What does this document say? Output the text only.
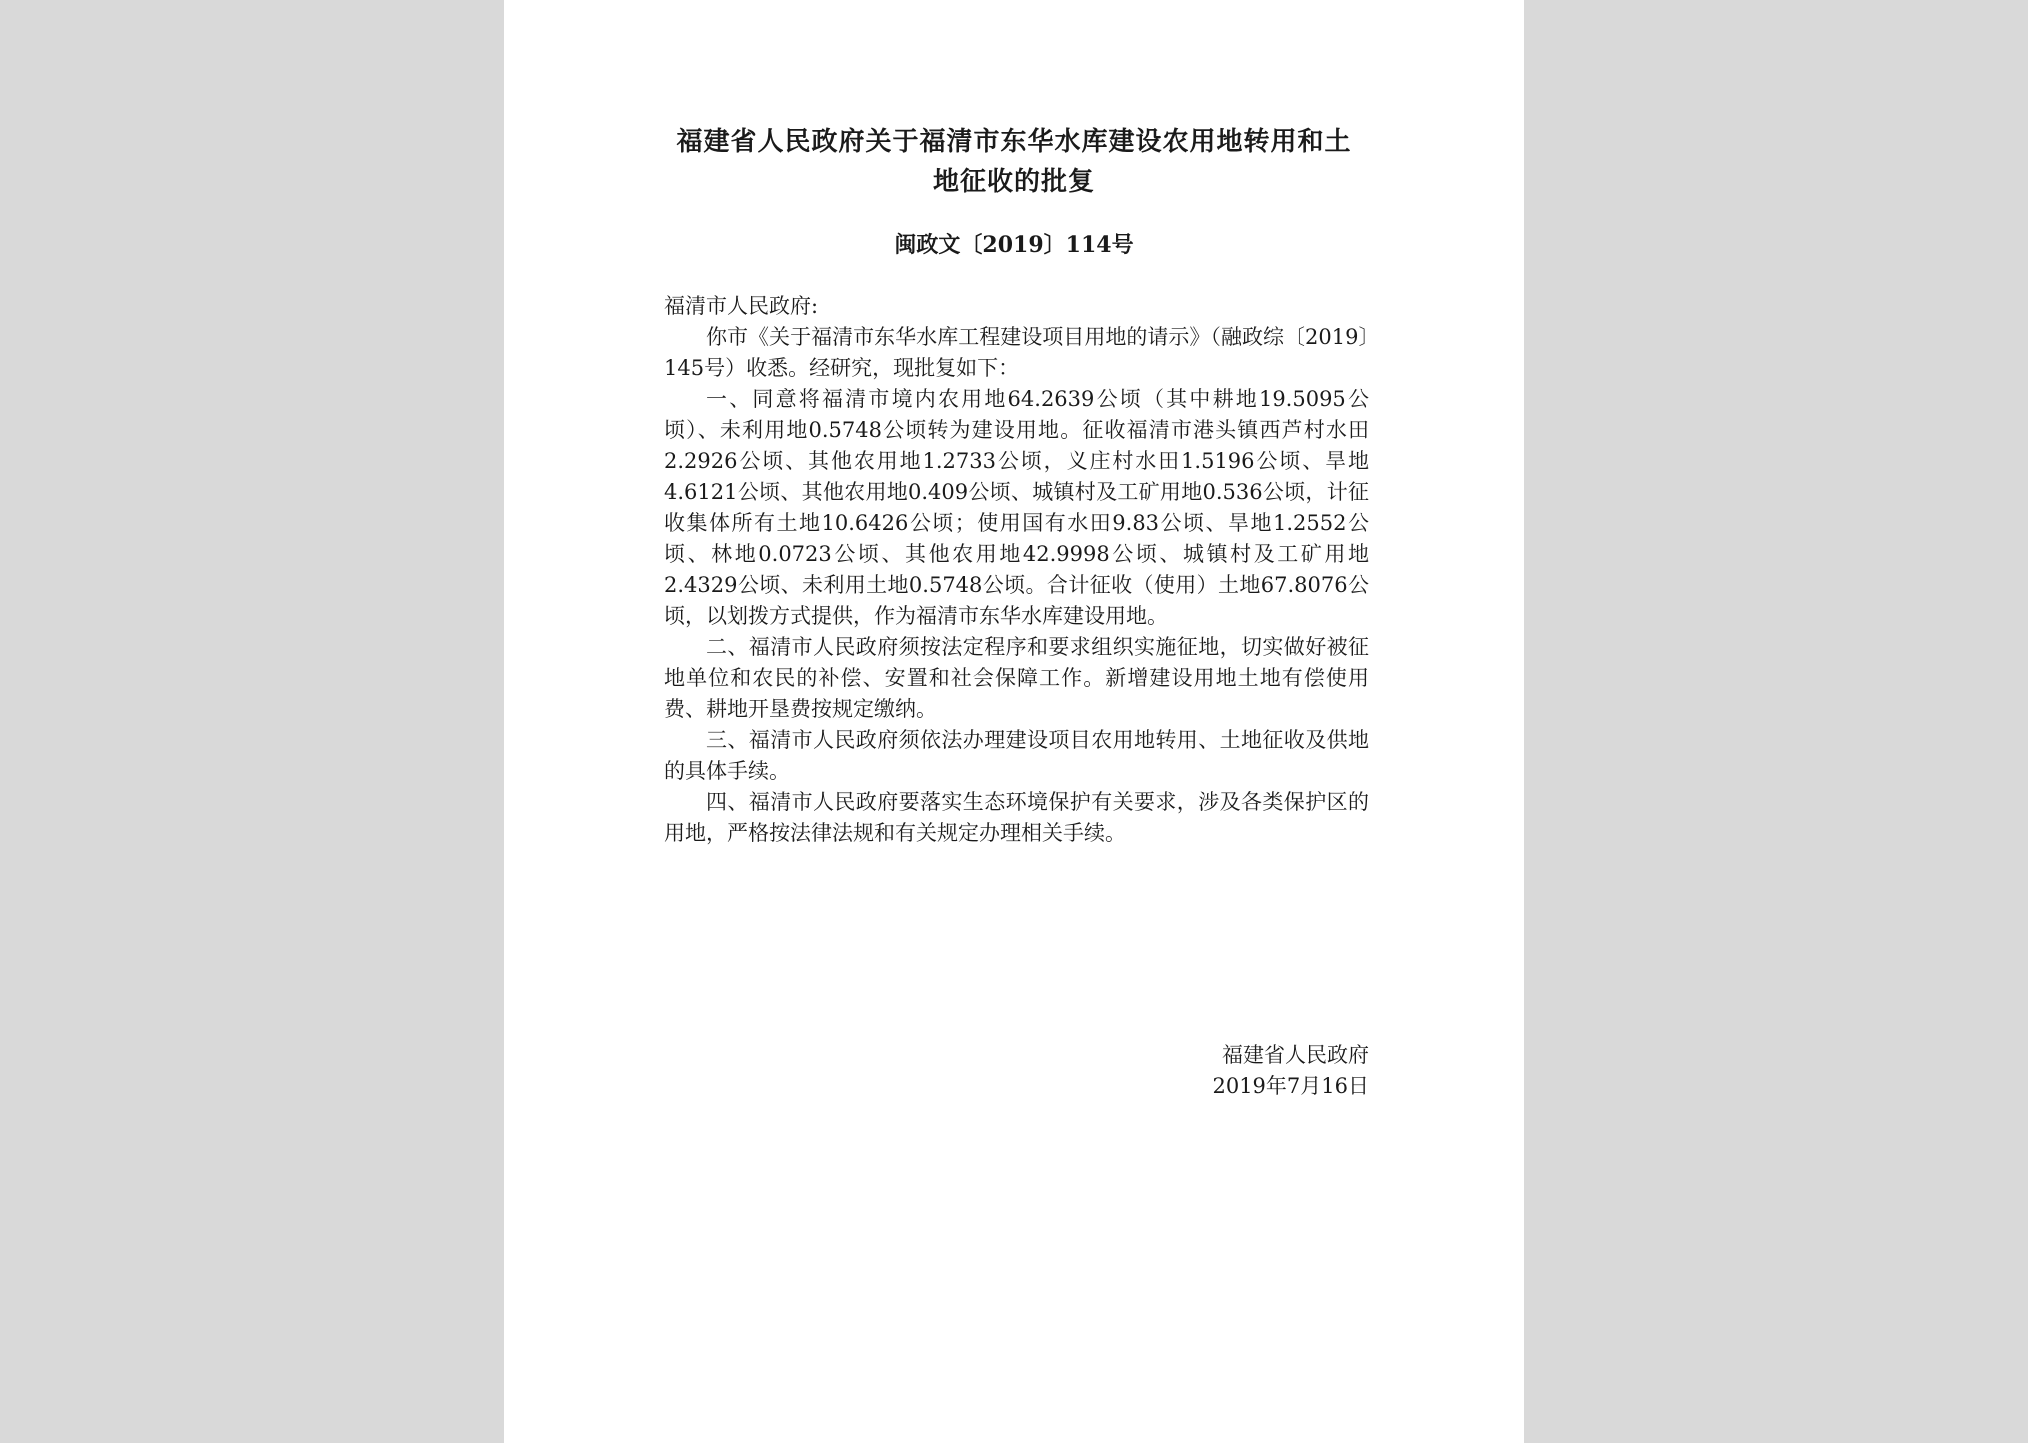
福建省人民政府关于福清市东华水库建设农用地转用和土地征收的批复
闽政文〔2019〕114号

福清市人民政府:

你市《关于福清市东华水库工程建设项目用地的请示》（融政综〔2019〕145号）收悉。经研究，现批复如下：

一、同意将福清市境内农用地64.2639公顷（其中耕地19.5095公顷）、未利用地0.5748公顷转为建设用地。征收福清市港头镇西芦村水田2.2926公顷、其他农用地1.2733公顷，义庄村水田1.5196公顷、旱地4.6121公顷、其他农用地0.409公顷、城镇村及工矿用地0.536公顷，计征收集体所有土地10.6426公顷；使用国有水田9.83公顷、旱地1.2552公顷、林地0.0723公顷、其他农用地42.9998公顷、城镇村及工矿用地2.4329公顷、未利用土地0.5748公顷。合计征收（使用）土地67.8076公顷，以划拨方式提供，作为福清市东华水库建设用地。

二、福清市人民政府须按法定程序和要求组织实施征地，切实做好被征地单位和农民的补偿、安置和社会保障工作。新增建设用地土地有偿使用费、耕地开垦费按规定缴纳。

三、福清市人民政府须依法办理建设项目农用地转用、土地征收及供地的具体手续。

四、福清市人民政府要落实生态环境保护有关要求，涉及各类保护区的用地，严格按法律法规和有关规定办理相关手续。

福建省人民政府
2019年7月16日
